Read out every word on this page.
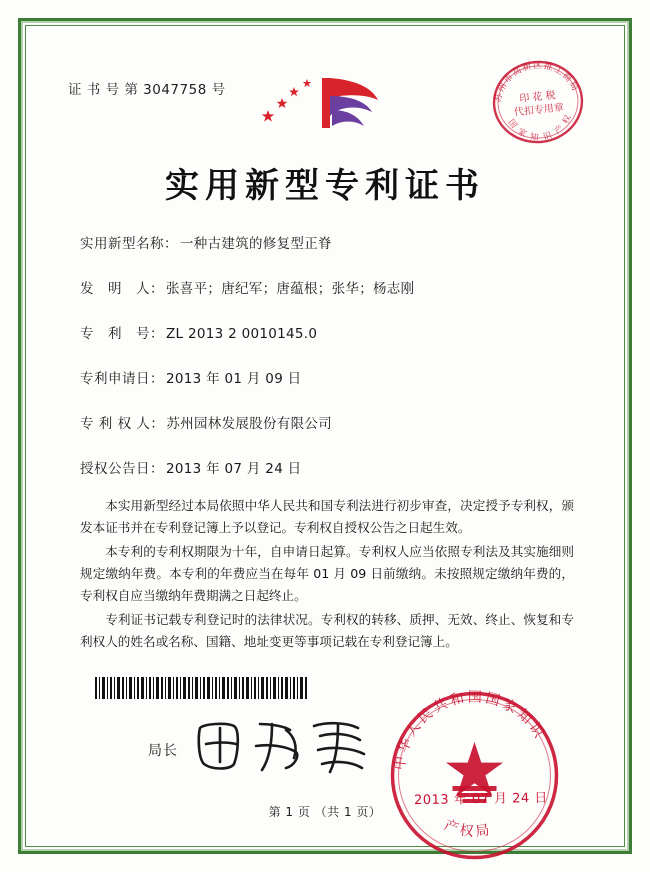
证 书 号 第 3047758 号	苏州市高新区推工商局
印 花 税
代扣专用章
国 家 知 识 产 权
实用新型专利证书
实用新型名称： 一种古建筑的修复型正脊
发　明　人： 张喜平；唐纪军；唐蕴根；张华；杨志刚
专　利　号： ZL 2013 2 0010145.0
专利申请日： 2013 年 01 月 09 日
专 利 权 人： 苏州园林发展股份有限公司
授权公告日： 2013 年 07 月 24 日

本实用新型经过本局依照中华人民共和国专利法进行初步审查，决定授予专利权，颁发本证书并在专利登记簿上予以登记。专利权自授权公告之日起生效。

本专利的专利权期限为十年，自申请日起算。专利权人应当依照专利法及其实施细则规定缴纳年费。本专利的年费应当在每年 01 月 09 日前缴纳。未按照规定缴纳年费的，专利权自应当缴纳年费期满之日起终止。

专利证书记载专利登记时的法律状况。专利权的转移、质押、无效、终止、恢复和专利权人的姓名或名称、国籍、地址变更等事项记载在专利登记簿上。

局长
中华人民共和国国家知识
产权局
2013 年 07 月 24 日
第 1 页 （共 1 页）
